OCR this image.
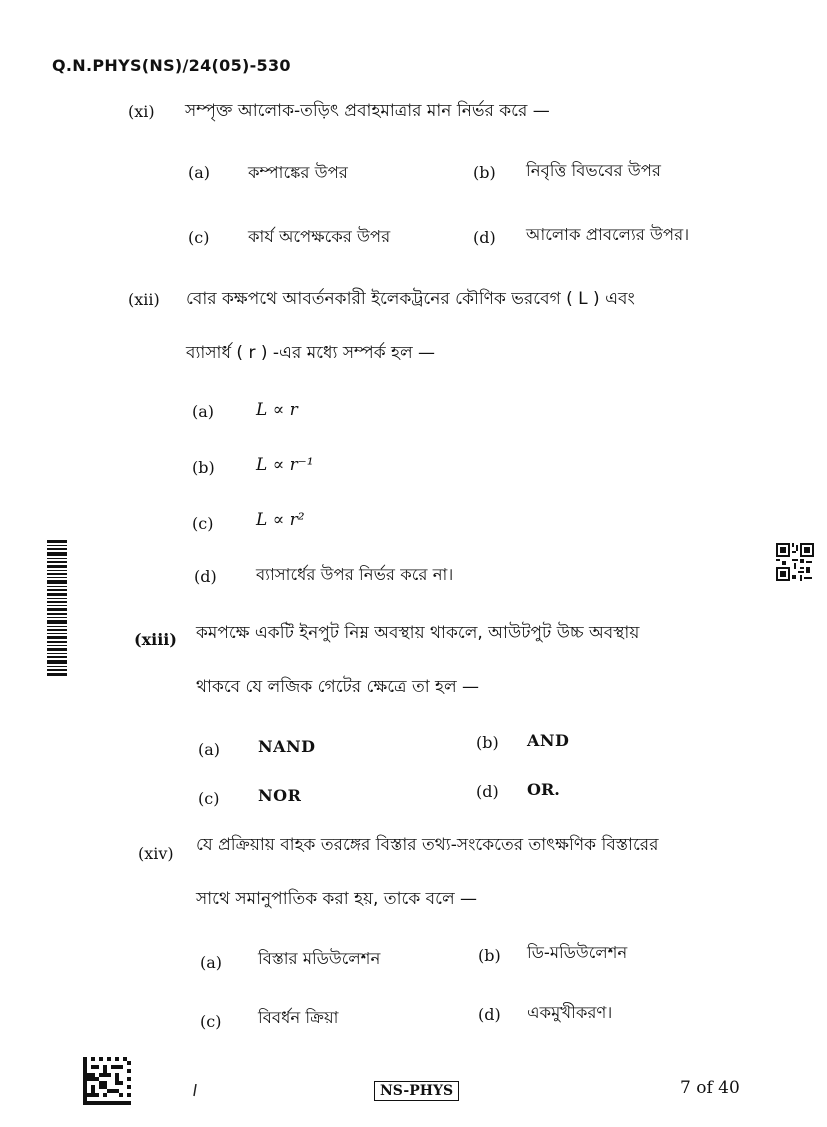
Q.N.PHYS(NS)/24(05)-530
(xi) সম্পৃক্ত আলোক-তড়িৎ প্রবাহমাত্রার মান নির্ভর করে —
(a) কম্পাঙ্কের উপর	(b) নিবৃত্তি বিভবের উপর
(c) কার্য অপেক্ষকের উপর	(d) আলোক প্রাবল্যের উপর।
(xii) বোর কক্ষপথে আবর্তনকারী ইলেকট্রনের কৌণিক ভরবেগ ( L ) এবং
ব্যাসার্ধ ( r ) -এর মধ্যে সম্পর্ক হল —
(a) L ∝ r
(b) L ∝ r⁻¹
(c)	L ∝ r²
(d) ব্যাসার্ধের উপর নির্ভর করে না।
(xiii) কমপক্ষে একটি ইনপুট নিম্ন অবস্থায় থাকলে, আউটপুট উচ্চ অবস্থায়
থাকবে যে লজিক গেটের ক্ষেত্রে তা হল —
(a) NAND	(b) AND
(c) NOR	(d) OR.
(xiv) যে প্রক্রিয়ায় বাহক তরঙ্গের বিস্তার তথ্য-সংকেতের তাৎক্ষণিক বিস্তারের
সাথে সমানুপাতিক করা হয়, তাকে বলে —
(a) বিস্তার মডিউলেশন	(b) ডি-মডিউলেশন
(c) বিবর্ধন ক্রিয়া	(d) একমুখীকরণ।
NS-PHYS	7 of 40
